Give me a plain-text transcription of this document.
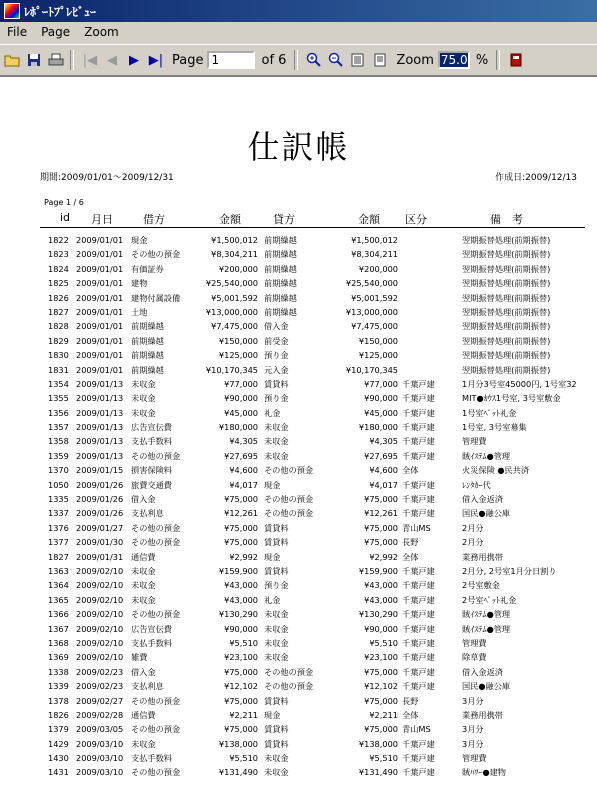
ﾚﾎﾟｰﾄﾌﾟﾚﾋﾞｭｰ
File	Page	Zoom
|◀ ◀ ▶ ▶| Page
1	of 6	Zoom
75.0	%
仕訳帳
期間:2009/01/01～2009/12/31	作成日:2009/12/13
Page 1 / 6
id 月日	借方	金額	貸方	金額 区分	備　考
1822 2009/01/01 現金	¥1,500,012 前期繰越	¥1,500,012	翌期振替処理(前期振替)
1823 2009/01/01 その他の預金	¥8,304,211 前期繰越	¥8,304,211	翌期振替処理(前期振替)
1824 2009/01/01 有価証券	¥200,000 前期繰越	¥200,000	翌期振替処理(前期振替)
1825 2009/01/01 建物	¥25,540,000 前期繰越	¥25,540,000	翌期振替処理(前期振替)
1826 2009/01/01 建物付属設備	¥5,001,592 前期繰越	¥5,001,592	翌期振替処理(前期振替)
1827 2009/01/01 土地	¥13,000,000 前期繰越	¥13,000,000	翌期振替処理(前期振替)
1828 2009/01/01 前期繰越	¥7,475,000 借入金	¥7,475,000	翌期振替処理(前期振替)
1829 2009/01/01 前期繰越	¥150,000 前受金	¥150,000	翌期振替処理(前期振替)
1830 2009/01/01 前期繰越	¥125,000 預り金	¥125,000	翌期振替処理(前期振替)
1831 2009/01/01 前期繰越	¥10,170,345 元入金	¥10,170,345	翌期振替処理(前期振替)
1354 2009/01/13 未収金	¥77,000 賃貸料	¥77,000 千葉戸建	1月分3号室45000円, 1号室32
1355 2009/01/13 未収金	¥90,000 預り金	¥90,000 千葉戸建	MIT●ｶｳｽ1号室, 3号室敷金
1356 2009/01/13 未収金	¥45,000 礼金	¥45,000 千葉戸建	1号室ﾍﾟｯﾄ礼金
1357 2009/01/13 広告宣伝費	¥180,000 未収金	¥180,000 千葉戸建	1号室, 3号室募集
1358 2009/01/13 支払手数料	¥4,305 未収金	¥4,305 千葉戸建	管理費
1359 2009/01/13 その他の預金	¥27,695 未収金	¥27,695 千葉戸建	賊ｲｽﾃﾑ●管理
1370 2009/01/15 損害保険料	¥4,600 その他の預金	¥4,600 全体	火災保険 ●民共済
1050 2009/01/26 旅費交通費	¥4,017 現金	¥4,017 千葉戸建	ﾚﾝﾀｶｰ代
1335 2009/01/26 借入金	¥75,000 その他の預金	¥75,000 千葉戸建	借入金返済
1337 2009/01/26 支払利息	¥12,261 その他の預金	¥12,261 千葉戸建	国民●融公庫
1376 2009/01/27 その他の預金	¥75,000 賃貸料	¥75,000 青山MS	2月分
1377 2009/01/30 その他の預金	¥75,000 賃貸料	¥75,000 長野	2月分
1827 2009/01/31 通信費	¥2,992 現金	¥2,992 全体	業務用携帯
1363 2009/02/10 未収金	¥159,900 賃貸料	¥159,900 千葉戸建	2月分, 2号室1月分日割り
1364 2009/02/10 未収金	¥43,000 預り金	¥43,000 千葉戸建	2号室敷金
1365 2009/02/10 未収金	¥43,000 礼金	¥43,000 千葉戸建	2号室ﾍﾟｯﾄ礼金
1366 2009/02/10 その他の預金	¥130,290 未収金	¥130,290 千葉戸建	賊ｲｽﾃﾑ●管理
1367 2009/02/10 広告宣伝費	¥90,000 未収金	¥90,000 千葉戸建	賊ｲｽﾃﾑ●管理
1368 2009/02/10 支払手数料	¥5,510 未収金	¥5,510 千葉戸建	管理費
1369 2009/02/10 雑費	¥23,100 未収金	¥23,100 千葉戸建	除草費
1338 2009/02/23 借入金	¥75,000 その他の預金	¥75,000 千葉戸建	借入金返済
1339 2009/02/23 支払利息	¥12,102 その他の預金	¥12,102 千葉戸建	国民●融公庫
1378 2009/02/27 その他の預金	¥75,000 賃貸料	¥75,000 長野	3月分
1826 2009/02/28 通信費	¥2,211 現金	¥2,211 全体	業務用携帯
1379 2009/03/05 その他の預金	¥75,000 賃貸料	¥75,000 青山MS	3月分
1429 2009/03/10 未収金	¥138,000 賃貸料	¥138,000 千葉戸建	3月分
1430 2009/03/10 支払手数料	¥5,510 未収金	¥5,510 千葉戸建	管理費
1431 2009/03/10 その他の預金	¥131,490 未収金	¥131,490 千葉戸建	賊ﾊﾜｰ●建物
